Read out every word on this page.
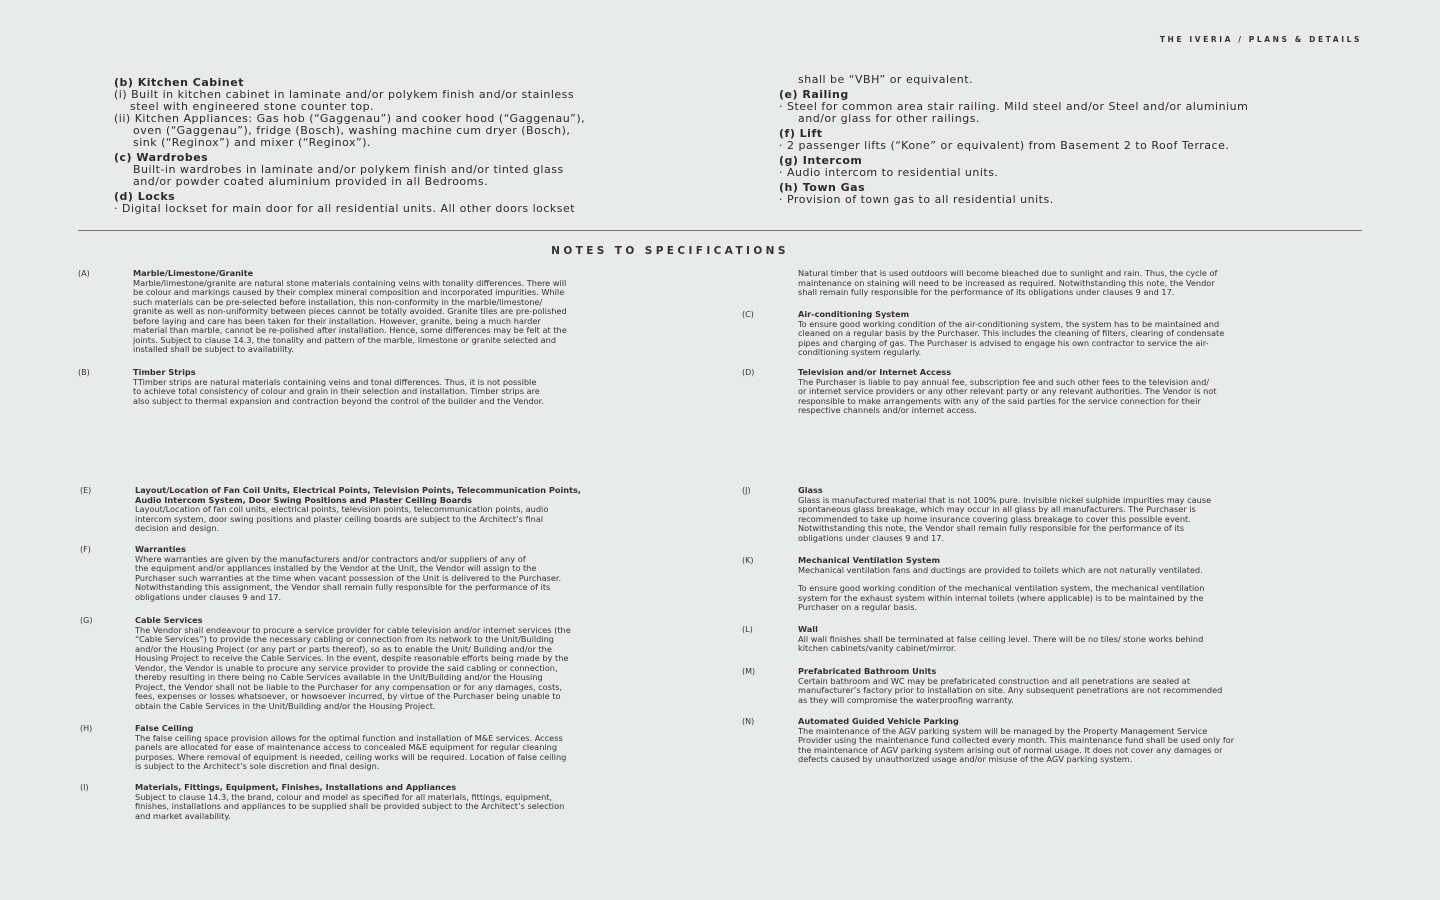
THE IVERIA / PLANS & DETAILS
(b) Kitchen Cabinet
(i) Built in kitchen cabinet in laminate and/or polykem finish and/or stainless
steel with engineered stone counter top.
(ii) Kitchen Appliances: Gas hob (“Gaggenau”) and cooker hood (“Gaggenau”),
oven (“Gaggenau”), fridge (Bosch), washing machine cum dryer (Bosch),
sink (“Reginox”) and mixer (“Reginox”).
(c) Wardrobes
Built-in wardrobes in laminate and/or polykem finish and/or tinted glass
and/or powder coated aluminium provided in all Bedrooms.
(d) Locks
· Digital lockset for main door for all residential units. All other doors lockset
shall be “VBH” or equivalent.
(e) Railing
· Steel for common area stair railing. Mild steel and/or Steel and/or aluminium
and/or glass for other railings.
(f) Lift
· 2 passenger lifts (“Kone” or equivalent) from Basement 2 to Roof Terrace.
(g) Intercom
· Audio intercom to residential units.
(h) Town Gas
· Provision of town gas to all residential units.
NOTES TO SPECIFICATIONS
(A)	Marble/Limestone/Granite

Marble/limestone/granite are natural stone materials containing veins with tonality differences. There will

be colour and markings caused by their complex mineral composition and incorporated impurities. While

such materials can be pre-selected before installation, this non-conformity in the marble/limestone/

granite as well as non-uniformity between pieces cannot be totally avoided. Granite tiles are pre-polished

before laying and care has been taken for their installation. However, granite, being a much harder

material than marble, cannot be re-polished after installation. Hence, some differences may be felt at the

joints. Subject to clause 14.3, the tonality and pattern of the marble, limestone or granite selected and

installed shall be subject to availability.

(B)	Timber Strips

TTimber strips are natural materials containing veins and tonal differences. Thus, it is not possible

to achieve total consistency of colour and grain in their selection and installation. Timber strips are

also subject to thermal expansion and contraction beyond the control of the builder and the Vendor.

(E)	Layout/Location of Fan Coil Units, Electrical Points, Television Points, Telecommunication Points,

Audio Intercom System, Door Swing Positions and Plaster Ceiling Boards

Layout/Location of fan coil units, electrical points, television points, telecommunication points, audio

intercom system, door swing positions and plaster ceiling boards are subject to the Architect’s final

decision and design.

(F)	Warranties

Where warranties are given by the manufacturers and/or contractors and/or suppliers of any of

the equipment and/or appliances installed by the Vendor at the Unit, the Vendor will assign to the

Purchaser such warranties at the time when vacant possession of the Unit is delivered to the Purchaser.

Notwithstanding this assignment, the Vendor shall remain fully responsible for the performance of its

obligations under clauses 9 and 17.

(G)	Cable Services

The Vendor shall endeavour to procure a service provider for cable television and/or internet services (the

“Cable Services”) to provide the necessary cabling or connection from its network to the Unit/Building

and/or the Housing Project (or any part or parts thereof), so as to enable the Unit/ Building and/or the

Housing Project to receive the Cable Services. In the event, despite reasonable efforts being made by the

Vendor, the Vendor is unable to procure any service provider to provide the said cabling or connection,

thereby resulting in there being no Cable Services available in the Unit/Building and/or the Housing

Project, the Vendor shall not be liable to the Purchaser for any compensation or for any damages, costs,

fees, expenses or losses whatsoever, or howsoever incurred, by virtue of the Purchaser being unable to

obtain the Cable Services in the Unit/Building and/or the Housing Project.

(H)	False Ceiling

The false ceiling space provision allows for the optimal function and installation of M&E services. Access

panels are allocated for ease of maintenance access to concealed M&E equipment for regular cleaning

purposes. Where removal of equipment is needed, ceiling works will be required. Location of false ceiling

is subject to the Architect’s sole discretion and final design.

(I)	Materials, Fittings, Equipment, Finishes, Installations and Appliances

Subject to clause 14.3, the brand, colour and model as specified for all materials, fittings, equipment,

finishes, installations and appliances to be supplied shall be provided subject to the Architect’s selection

and market availability.

Natural timber that is used outdoors will become bleached due to sunlight and rain. Thus, the cycle of

maintenance on staining will need to be increased as required. Notwithstanding this note, the Vendor

shall remain fully responsible for the performance of its obligations under clauses 9 and 17.

(C)	Air-conditioning System

To ensure good working condition of the air-conditioning system, the system has to be maintained and

cleaned on a regular basis by the Purchaser. This includes the cleaning of filters, clearing of condensate

pipes and charging of gas. The Purchaser is advised to engage his own contractor to service the air-

conditioning system regularly.

(D)	Television and/or Internet Access

The Purchaser is liable to pay annual fee, subscription fee and such other fees to the television and/

or internet service providers or any other relevant party or any relevant authorities. The Vendor is not

responsible to make arrangements with any of the said parties for the service connection for their

respective channels and/or internet access.

(J)	Glass

Glass is manufactured material that is not 100% pure. Invisible nickel sulphide impurities may cause

spontaneous glass breakage, which may occur in all glass by all manufacturers. The Purchaser is

recommended to take up home insurance covering glass breakage to cover this possible event.

Notwithstanding this note, the Vendor shall remain fully responsible for the performance of its

obligations under clauses 9 and 17.

(K)	Mechanical Ventilation System

Mechanical ventilation fans and ductings are provided to toilets which are not naturally ventilated.

To ensure good working condition of the mechanical ventilation system, the mechanical ventilation

system for the exhaust system within internal toilets (where applicable) is to be maintained by the

Purchaser on a regular basis.

(L)	Wall

All wall finishes shall be terminated at false ceiling level. There will be no tiles/ stone works behind

kitchen cabinets/vanity cabinet/mirror.

(M)	Prefabricated Bathroom Units

Certain bathroom and WC may be prefabricated construction and all penetrations are sealed at

manufacturer’s factory prior to installation on site. Any subsequent penetrations are not recommended

as they will compromise the waterproofing warranty.

(N)	Automated Guided Vehicle Parking

The maintenance of the AGV parking system will be managed by the Property Management Service

Provider using the maintenance fund collected every month. This maintenance fund shall be used only for

the maintenance of AGV parking system arising out of normal usage. It does not cover any damages or

defects caused by unauthorized usage and/or misuse of the AGV parking system.
